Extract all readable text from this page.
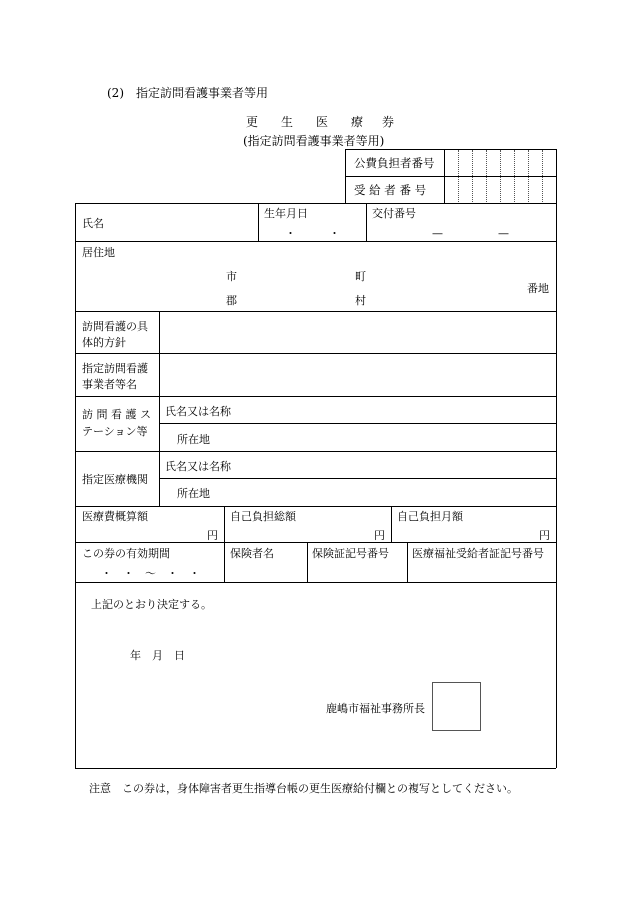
(2)　指定訪問看護事業者等用
更 生 医 療 券
(指定訪問看護事業者等用)
公費負担者番号
受 給 者 番 号
氏名
生年月日
・　　　・
交付番号
—　　　　　—
居住地
市
郡
町
村
番地
訪問看護の具
体的方針
指定訪問看護
事業者等名
訪 問 看 護 ス
テーション等
氏名又は名称
所在地
指定医療機関
氏名又は名称
所在地
医療費概算額
円
自己負担総額
円
自己負担月額
円
この券の有効期間
・　・　～　・　・
保険者名	保険証記号番号 医療福祉受給者証記号番号
上記のとおり決定する。
年　月　日
鹿嶋市福祉事務所長
注意　この券は，身体障害者更生指導台帳の更生医療給付欄との複写としてください。
